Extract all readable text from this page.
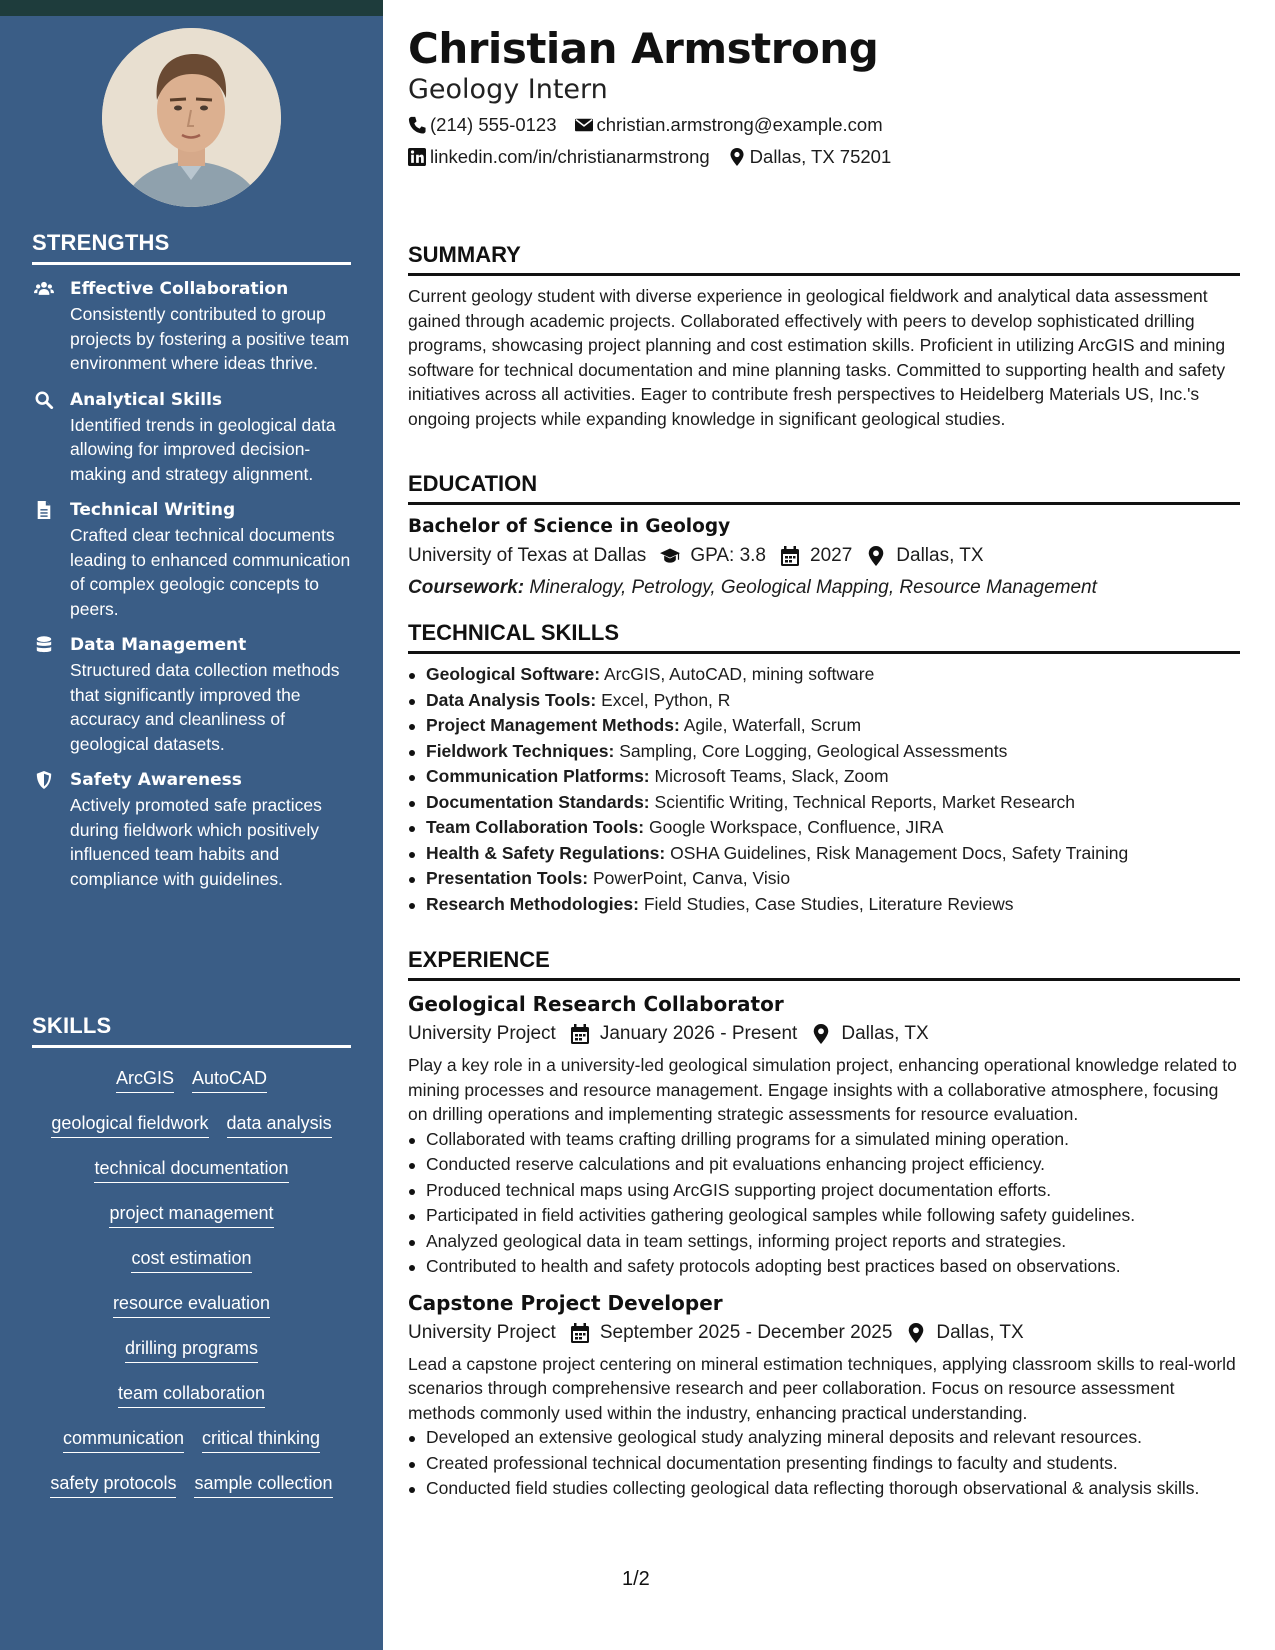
STRENGTHS
Effective Collaboration
Consistently contributed to group projects by fostering a positive team environment where ideas thrive.
Analytical Skills
Identified trends in geological data allowing for improved decision-making and strategy alignment.
Technical Writing
Crafted clear technical documents leading to enhanced communication of complex geologic concepts to peers.
Data Management
Structured data collection methods that significantly improved the accuracy and cleanliness of geological datasets.
Safety Awareness
Actively promoted safe practices during fieldwork which positively influenced team habits and compliance with guidelines.
SKILLS
ArcGIS AutoCAD
geological fieldwork data analysis
technical documentation
project management
cost estimation
resource evaluation
drilling programs
team collaboration
communication critical thinking
safety protocols sample collection
Christian Armstrong
Geology Intern
(214) 555-0123 christian.armstrong@example.com
linkedin.com/in/christianarmstrong Dallas, TX 75201
SUMMARY
Current geology student with diverse experience in geological fieldwork and analytical data assessment gained through academic projects. Collaborated effectively with peers to develop sophisticated drilling programs, showcasing project planning and cost estimation skills. Proficient in utilizing ArcGIS and mining software for technical documentation and mine planning tasks. Committed to supporting health and safety initiatives across all activities. Eager to contribute fresh perspectives to Heidelberg Materials US, Inc.'s ongoing projects while expanding knowledge in significant geological studies.
EDUCATION
Bachelor of Science in Geology
University of Texas at Dallas GPA: 3.8 2027 Dallas, TX
Coursework: Mineralogy, Petrology, Geological Mapping, Resource Management
TECHNICAL SKILLS
Geological Software: ArcGIS, AutoCAD, mining software
Data Analysis Tools: Excel, Python, R
Project Management Methods: Agile, Waterfall, Scrum
Fieldwork Techniques: Sampling, Core Logging, Geological Assessments
Communication Platforms: Microsoft Teams, Slack, Zoom
Documentation Standards: Scientific Writing, Technical Reports, Market Research
Team Collaboration Tools: Google Workspace, Confluence, JIRA
Health & Safety Regulations: OSHA Guidelines, Risk Management Docs, Safety Training
Presentation Tools: PowerPoint, Canva, Visio
Research Methodologies: Field Studies, Case Studies, Literature Reviews
EXPERIENCE
Geological Research Collaborator
University Project January 2026 - Present Dallas, TX
Play a key role in a university-led geological simulation project, enhancing operational knowledge related to mining processes and resource management. Engage insights with a collaborative atmosphere, focusing on drilling operations and implementing strategic assessments for resource evaluation.
Collaborated with teams crafting drilling programs for a simulated mining operation.
Conducted reserve calculations and pit evaluations enhancing project efficiency.
Produced technical maps using ArcGIS supporting project documentation efforts.
Participated in field activities gathering geological samples while following safety guidelines.
Analyzed geological data in team settings, informing project reports and strategies.
Contributed to health and safety protocols adopting best practices based on observations.
Capstone Project Developer
University Project September 2025 - December 2025 Dallas, TX
Lead a capstone project centering on mineral estimation techniques, applying classroom skills to real-world scenarios through comprehensive research and peer collaboration. Focus on resource assessment methods commonly used within the industry, enhancing practical understanding.
Developed an extensive geological study analyzing mineral deposits and relevant resources.
Created professional technical documentation presenting findings to faculty and students.
Conducted field studies collecting geological data reflecting thorough observational & analysis skills.
1/2
